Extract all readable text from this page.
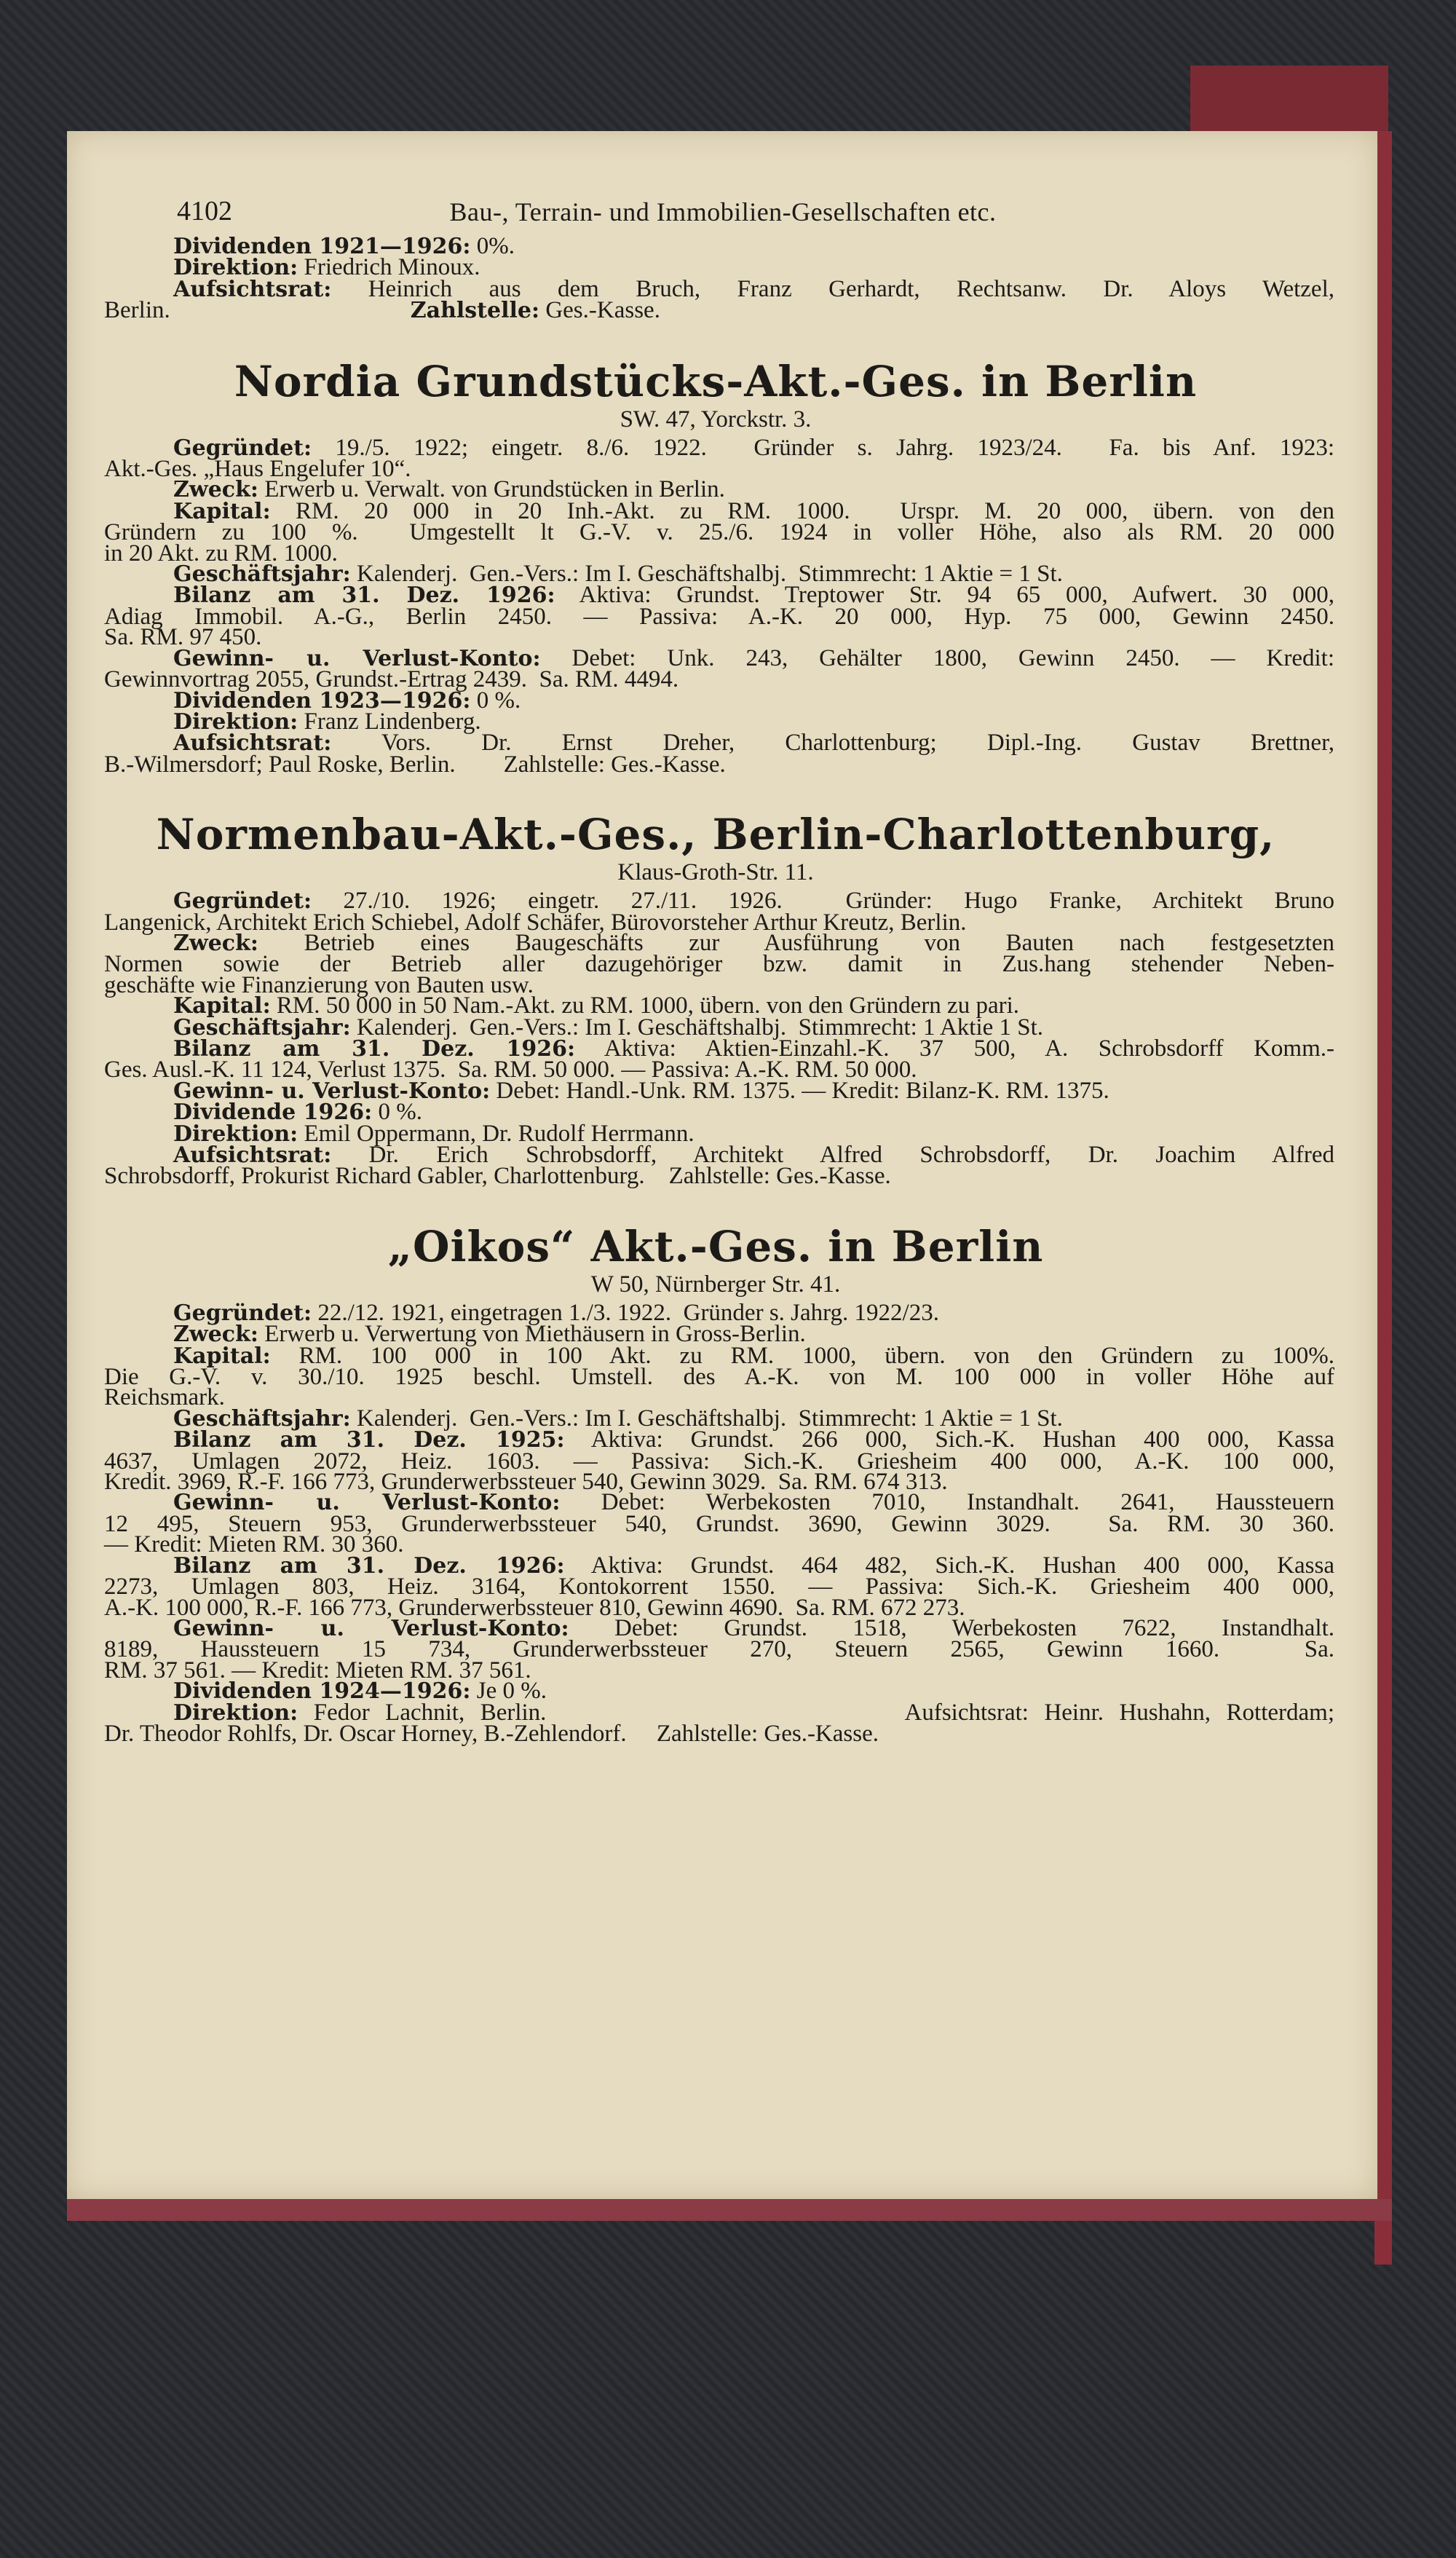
4102	Bau-, Terrain- und Immobilien-Gesellschaften etc.

Dividenden 1921—1926: 0%.

Direktion: Friedrich Minoux.

Aufsichtsrat: Heinrich aus dem Bruch, Franz Gerhardt, Rechtsanw. Dr. Aloys Wetzel,

Berlin.                                        Zahlstelle: Ges.-Kasse.

Nordia Grundstücks-Akt.-Ges. in Berlin

SW. 47, Yorckstr. 3.

Gegründet: 19./5. 1922; eingetr. 8./6. 1922.  Gründer s. Jahrg. 1923/24.  Fa. bis Anf. 1923:

Akt.-Ges. „Haus Engelufer 10“.

Zweck: Erwerb u. Verwalt. von Grundstücken in Berlin.

Kapital: RM. 20 000 in 20 Inh.-Akt. zu RM. 1000.  Urspr. M. 20 000, übern. von den

Gründern zu 100 %.  Umgestellt lt G.-V. v. 25./6. 1924 in voller Höhe, also als RM. 20 000

in 20 Akt. zu RM. 1000.

Geschäftsjahr: Kalenderj.  Gen.-Vers.: Im I. Geschäftshalbj.  Stimmrecht: 1 Aktie = 1 St.

Bilanz am 31. Dez. 1926: Aktiva: Grundst. Treptower Str. 94 65 000, Aufwert. 30 000,

Adiag Immobil. A.-G., Berlin 2450. — Passiva: A.-K. 20 000, Hyp. 75 000, Gewinn 2450.

Sa. RM. 97 450.

Gewinn- u. Verlust-Konto: Debet: Unk. 243, Gehälter 1800, Gewinn 2450. — Kredit:

Gewinnvortrag 2055, Grundst.-Ertrag 2439.  Sa. RM. 4494.

Dividenden 1923—1926: 0 %.

Direktion: Franz Lindenberg.

Aufsichtsrat: Vors. Dr. Ernst Dreher, Charlottenburg; Dipl.-Ing. Gustav Brettner,

B.-Wilmersdorf; Paul Roske, Berlin.        Zahlstelle: Ges.-Kasse.

Normenbau-Akt.-Ges., Berlin-Charlottenburg,

Klaus-Groth-Str. 11.

Gegründet: 27./10. 1926; eingetr. 27./11. 1926.  Gründer: Hugo Franke, Architekt Bruno

Langenick, Architekt Erich Schiebel, Adolf Schäfer, Bürovorsteher Arthur Kreutz, Berlin.

Zweck: Betrieb eines Baugeschäfts zur Ausführung von Bauten nach festgesetzten

Normen sowie der Betrieb aller dazugehöriger bzw. damit in Zus.hang stehender Neben-

geschäfte wie Finanzierung von Bauten usw.

Kapital: RM. 50 000 in 50 Nam.-Akt. zu RM. 1000, übern. von den Gründern zu pari.

Geschäftsjahr: Kalenderj.  Gen.-Vers.: Im I. Geschäftshalbj.  Stimmrecht: 1 Aktie 1 St.

Bilanz am 31. Dez. 1926: Aktiva: Aktien-Einzahl.-K. 37 500, A. Schrobsdorff Komm.-

Ges. Ausl.-K. 11 124, Verlust 1375.  Sa. RM. 50 000. — Passiva: A.-K. RM. 50 000.

Gewinn- u. Verlust-Konto: Debet: Handl.-Unk. RM. 1375. — Kredit: Bilanz-K. RM. 1375.

Dividende 1926: 0 %.

Direktion: Emil Oppermann, Dr. Rudolf Herrmann.

Aufsichtsrat: Dr. Erich Schrobsdorff, Architekt Alfred Schrobsdorff, Dr. Joachim Alfred

Schrobsdorff, Prokurist Richard Gabler, Charlottenburg.    Zahlstelle: Ges.-Kasse.

„Oikos“ Akt.-Ges. in Berlin

W 50, Nürnberger Str. 41.

Gegründet: 22./12. 1921, eingetragen 1./3. 1922.  Gründer s. Jahrg. 1922/23.

Zweck: Erwerb u. Verwertung von Miethäusern in Gross-Berlin.

Kapital: RM. 100 000 in 100 Akt. zu RM. 1000, übern. von den Gründern zu 100%.

Die G.-V. v. 30./10. 1925 beschl. Umstell. des A.-K. von M. 100 000 in voller Höhe auf

Reichsmark.

Geschäftsjahr: Kalenderj.  Gen.-Vers.: Im I. Geschäftshalbj.  Stimmrecht: 1 Aktie = 1 St.

Bilanz am 31. Dez. 1925: Aktiva: Grundst. 266 000, Sich.-K. Hushan 400 000, Kassa

4637, Umlagen 2072, Heiz. 1603. — Passiva: Sich.-K. Griesheim 400 000, A.-K. 100 000,

Kredit. 3969, R.-F. 166 773, Grunderwerbssteuer 540, Gewinn 3029.  Sa. RM. 674 313.

Gewinn- u. Verlust-Konto: Debet: Werbekosten 7010, Instandhalt. 2641, Haussteuern

12 495, Steuern 953, Grunderwerbssteuer 540, Grundst. 3690, Gewinn 3029.  Sa. RM. 30 360.

— Kredit: Mieten RM. 30 360.

Bilanz am 31. Dez. 1926: Aktiva: Grundst. 464 482, Sich.-K. Hushan 400 000, Kassa

2273, Umlagen 803, Heiz. 3164, Kontokorrent 1550. — Passiva: Sich.-K. Griesheim 400 000,

A.-K. 100 000, R.-F. 166 773, Grunderwerbssteuer 810, Gewinn 4690.  Sa. RM. 672 273.

Gewinn- u. Verlust-Konto: Debet: Grundst. 1518, Werbekosten 7622, Instandhalt.

8189, Haussteuern 15 734, Grunderwerbssteuer 270, Steuern 2565, Gewinn 1660.  Sa.

RM. 37 561. — Kredit: Mieten RM. 37 561.

Dividenden 1924—1926: Je 0 %.

Direktion: Fedor Lachnit, Berlin.                       Aufsichtsrat: Heinr. Hushahn, Rotterdam;

Dr. Theodor Rohlfs, Dr. Oscar Horney, B.-Zehlendorf.     Zahlstelle: Ges.-Kasse.
